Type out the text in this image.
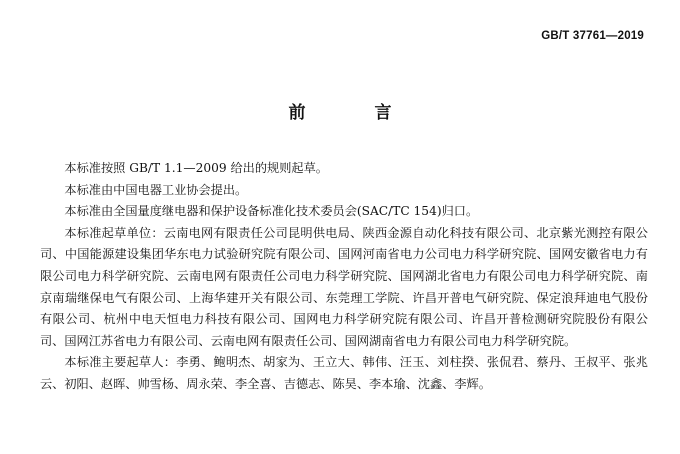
GB/T 37761—2019
前　言

本标准按照 GB/T 1.1—2009 给出的规则起草。

本标准由中国电器工业协会提出。

本标准由全国量度继电器和保护设备标准化技术委员会(SAC/TC 154)归口。

本标准起草单位：云南电网有限责任公司昆明供电局、陕西金源自动化科技有限公司、北京紫光测控有限公司、中国能源建设集团华东电力试验研究院有限公司、国网河南省电力公司电力科学研究院、国网安徽省电力有限公司电力科学研究院、云南电网有限责任公司电力科学研究院、国网湖北省电力有限公司电力科学研究院、南京南瑞继保电气有限公司、上海华建开关有限公司、东莞理工学院、许昌开普电气研究院、保定浪拜迪电气股份有限公司、杭州中电天恒电力科技有限公司、国网电力科学研究院有限公司、许昌开普检测研究院股份有限公司、国网江苏省电力有限公司、云南电网有限责任公司、国网湖南省电力有限公司电力科学研究院。

本标准主要起草人：李勇、鲍明杰、胡家为、王立大、韩伟、汪玉、刘柱揆、张侃君、蔡丹、王叔平、张兆云、初阳、赵晖、帅雪杨、周永荣、李全喜、吉德志、陈昊、李本瑜、沈鑫、李辉。
